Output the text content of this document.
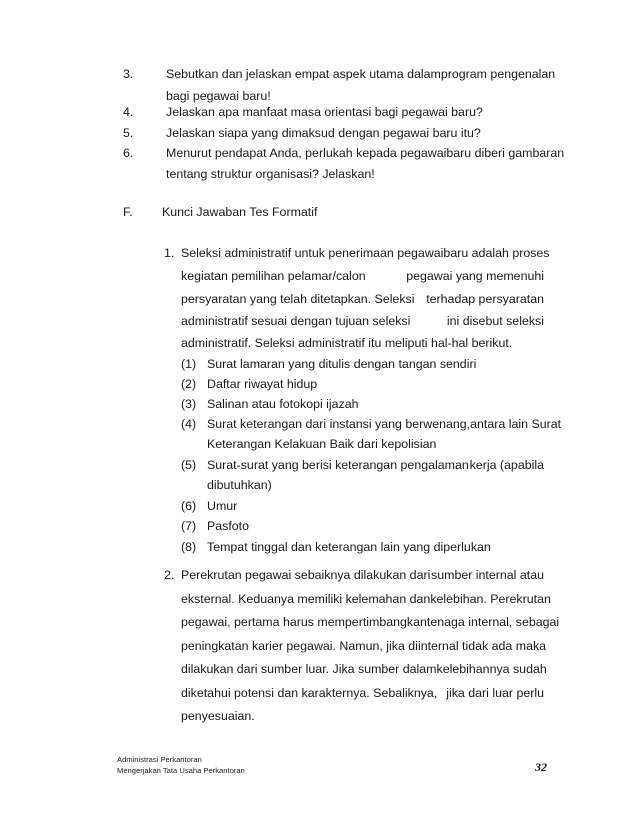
3.	Sebutkan dan jelaskan empat aspek utama dalam program pengenalan
bagi pegawai baru!
4.	Jelaskan apa manfaat masa orientasi bagi pegawai baru?
5.	Jelaskan siapa yang dimaksud dengan pegawai baru itu?
6.	Menurut pendapat Anda, perlukah kepada pegawai baru diberi gambaran
tentang struktur organisasi? Jelaskan!
F. Kunci Jawaban Tes Formatif
1. Seleksi administratif untuk penerimaan pegawai baru adalah proses
kegiatan pemilihan pelamar/calon	pegawai yang memenuhi
persyaratan yang telah ditetapkan. Seleksi terhadap persyaratan
administratif sesuai dengan tujuan seleksi	ini disebut seleksi
administratif. Seleksi administratif itu meliputi hal-hal berikut.
(1) Surat lamaran yang ditulis dengan tangan sendiri
(2) Daftar riwayat hidup
(3) Salinan atau fotokopi ijazah
(4) Surat keterangan dari instansi yang berwenang, antara lain Surat
Keterangan Kelakuan Baik dari kepolisian
(5) Surat-surat yang berisi keterangan pengalaman kerja (apabila
dibutuhkan)
(6) Umur
(7) Pasfoto
(8) Tempat tinggal dan keterangan lain yang diperlukan
2. Perekrutan pegawai sebaiknya dilakukan dari sumber internal atau
eksternal. Keduanya memiliki kelemahan dan kelebihan. Perekrutan
pegawai, pertama harus mempertimbangkan tenaga internal, sebagai
peningkatan karier pegawai. Namun, jika di internal tidak ada maka
dilakukan dari sumber luar. Jika sumber dalam kelebihannya sudah
diketahui potensi dan karakternya. Sebaliknya, jika dari luar perlu
penyesuaian.
Administrasi Perkantoran
Mengerjakan Tata Usaha Perkantoran	32
